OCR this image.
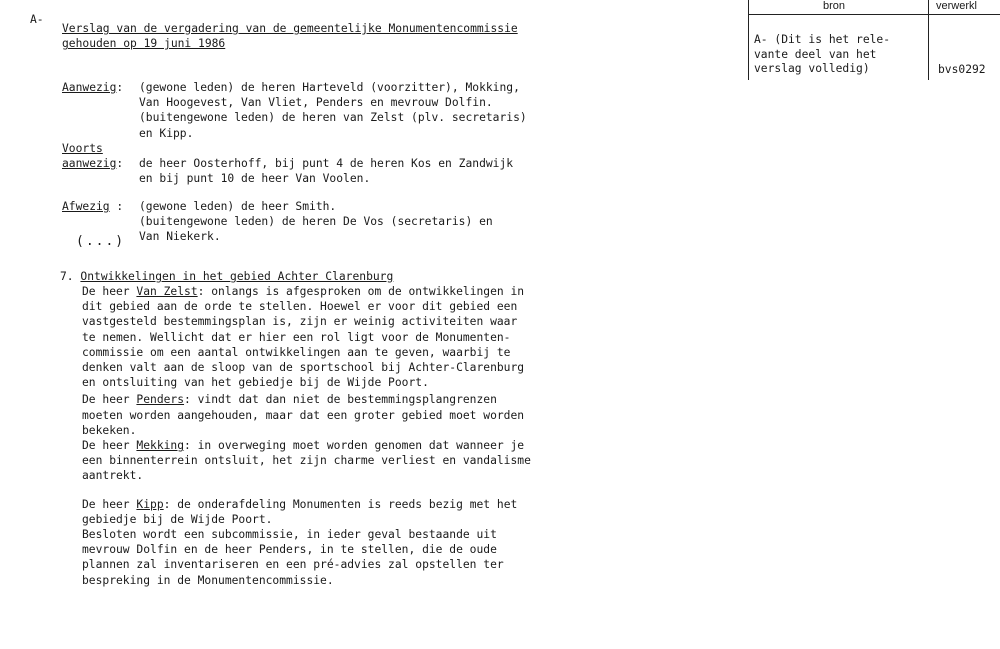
A-
Verslag van de vergadering van de gemeentelijke Monumentencommissie
gehouden op 19 juni 1986
Aanwezig: (gewone leden) de heren Harteveld (voorzitter), Mokking,
Van Hoogevest, Van Vliet, Penders en mevrouw Dolfin.
(buitengewone leden) de heren van Zelst (plv. secretaris)
en Kipp.
Voorts
aanwezig: de heer Oosterhoff, bij punt 4 de heren Kos en Zandwijk
en bij punt 10 de heer Van Voolen.
Afwezig : (gewone leden) de heer Smith.
(buitengewone leden) de heren De Vos (secretaris) en
Van Niekerk.
(...)
7. Ontwikkelingen in het gebied Achter Clarenburg
De heer Van Zelst: onlangs is afgesproken om de ontwikkelingen in
dit gebied aan de orde te stellen. Hoewel er voor dit gebied een
vastgesteld bestemmingsplan is, zijn er weinig activiteiten waar
te nemen. Wellicht dat er hier een rol ligt voor de Monumenten-
commissie om een aantal ontwikkelingen aan te geven, waarbij te
denken valt aan de sloop van de sportschool bij Achter-Clarenburg
en ontsluiting van het gebiedje bij de Wijde Poort.
De heer Penders: vindt dat dan niet de bestemmingsplangrenzen
moeten worden aangehouden, maar dat een groter gebied moet worden
bekeken.
De heer Mekking: in overweging moet worden genomen dat wanneer je
een binnenterrein ontsluit, het zijn charme verliest en vandalisme
aantrekt.
De heer Kipp: de onderafdeling Monumenten is reeds bezig met het
gebiedje bij de Wijde Poort.
Besloten wordt een subcommissie, in ieder geval bestaande uit
mevrouw Dolfin en de heer Penders, in te stellen, die de oude
plannen zal inventariseren en een pré-advies zal opstellen ter
bespreking in de Monumentencommissie.
bron	verwerkl
A- (Dit is het rele-
vante deel van het
verslag volledig)	bvs0292
